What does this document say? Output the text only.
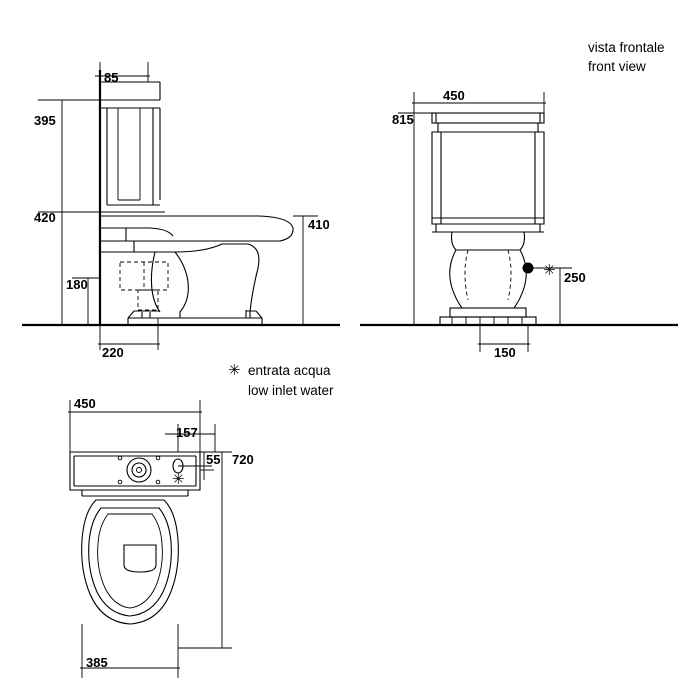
85
395
420	410
180
220
vista frontale
front view
450
815
250
150
✳
✳ entrata acqua
low inlet water
450
157
55 720
385
✳
